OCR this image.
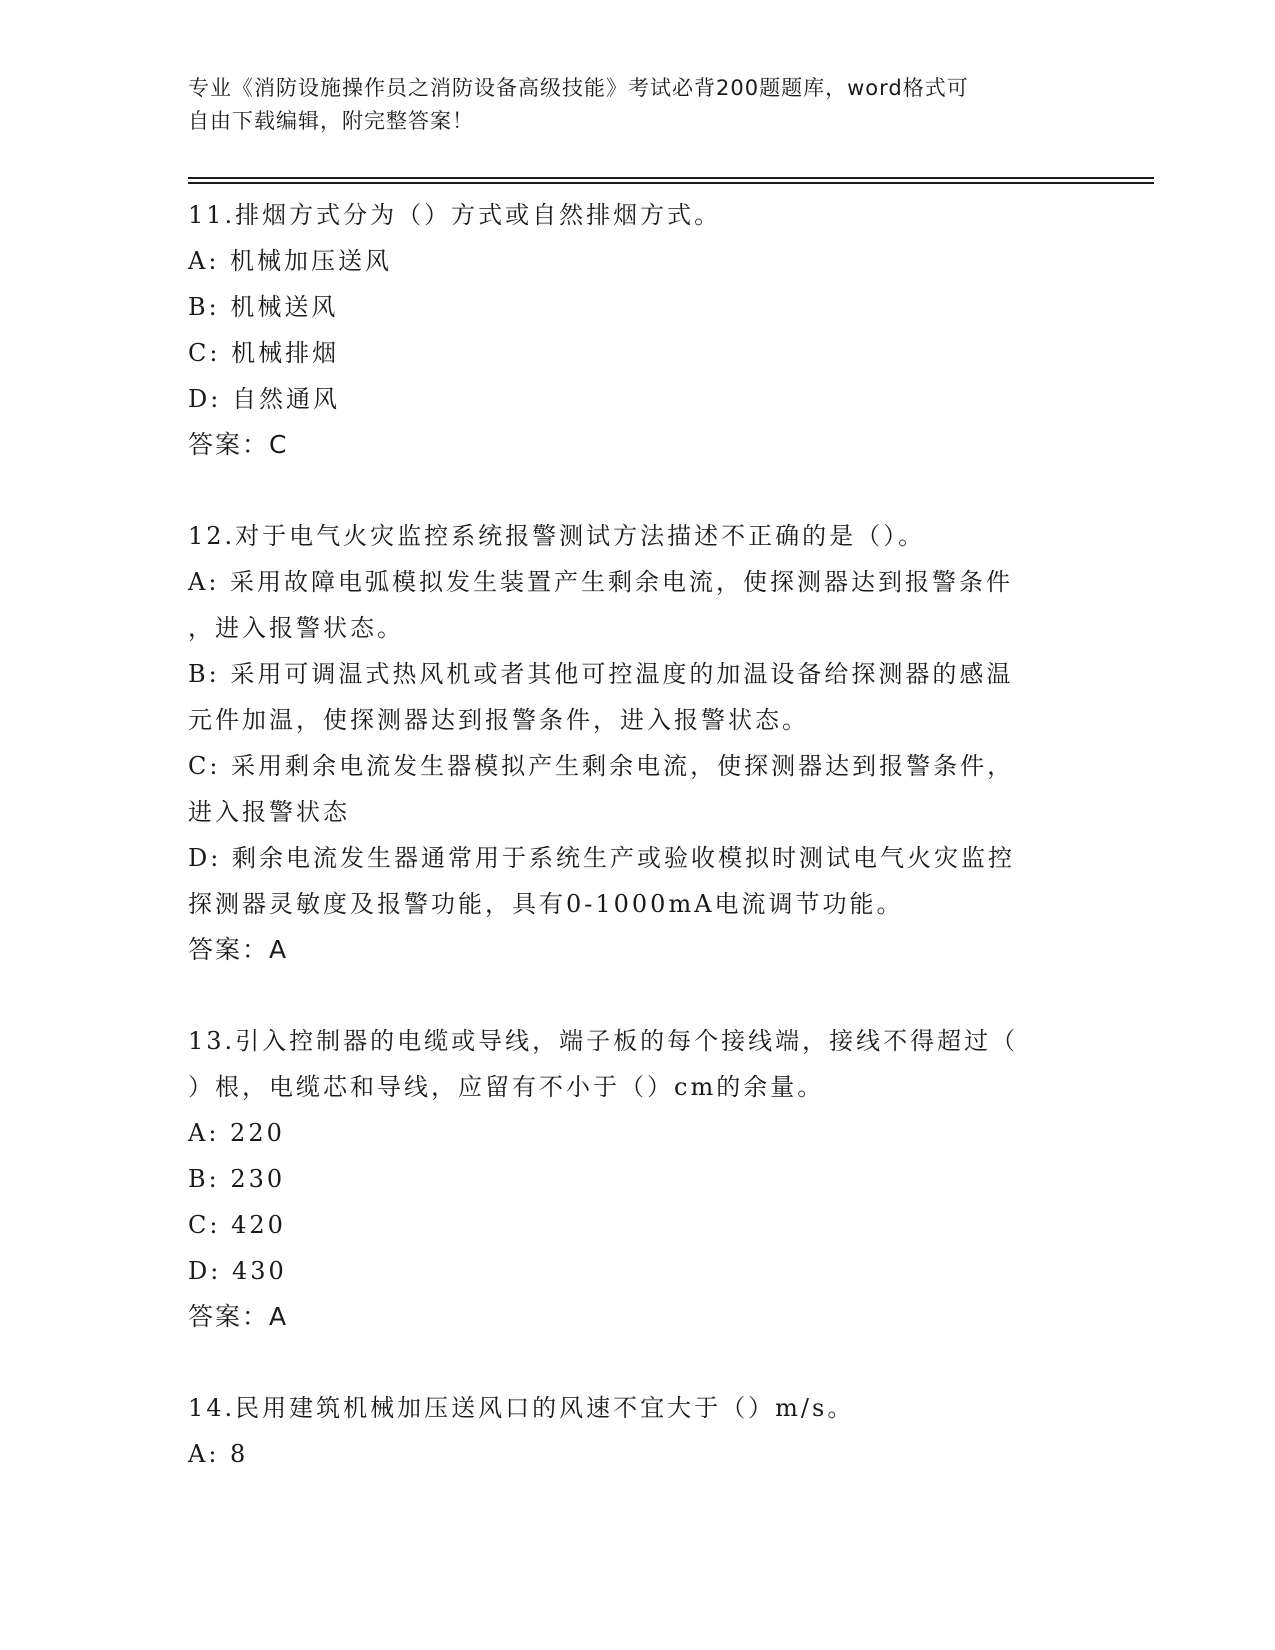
专业《消防设施操作员之消防设备高级技能》考试必背200题题库，word格式可
自由下载编辑，附完整答案！
11.排烟方式分为（）方式或自然排烟方式。
A: 机械加压送风
B: 机械送风
C: 机械排烟
D: 自然通风
答案：C
12.对于电气火灾监控系统报警测试方法描述不正确的是（）。
A: 采用故障电弧模拟发生装置产生剩余电流，使探测器达到报警条件
，进入报警状态。
B: 采用可调温式热风机或者其他可控温度的加温设备给探测器的感温
元件加温，使探测器达到报警条件，进入报警状态。
C: 采用剩余电流发生器模拟产生剩余电流，使探测器达到报警条件，
进入报警状态
D: 剩余电流发生器通常用于系统生产或验收模拟时测试电气火灾监控
探测器灵敏度及报警功能，具有0-1000mA电流调节功能。
答案：A
13.引入控制器的电缆或导线，端子板的每个接线端，接线不得超过（
）根，电缆芯和导线，应留有不小于（）cm的余量。
A: 220
B: 230
C: 420
D: 430
答案：A
14.民用建筑机械加压送风口的风速不宜大于（）m/s。
A: 8
